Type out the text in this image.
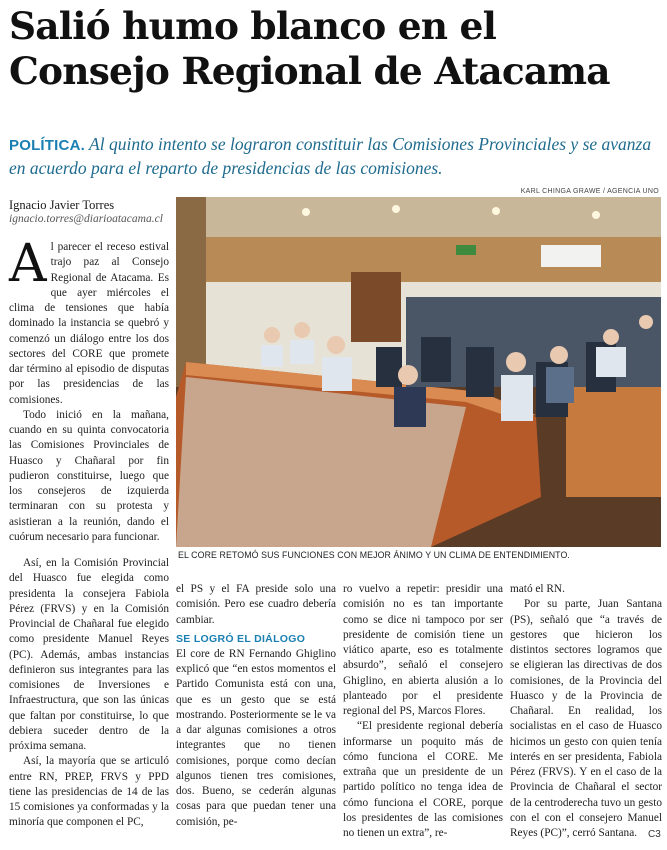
Salió humo blanco en el Consejo Regional de Atacama
POLÍTICA. Al quinto intento se lograron constituir las Comisiones Provinciales y se avanza en acuerdo para el reparto de presidencias de las comisiones.
Ignacio Javier Torres
ignacio.torres@diarioatacama.cl
KARL CHINGA GRAWE / AGENCIA UNO
EL CORE RETOMÓ SUS FUNCIONES CON MEJOR ÁNIMO Y UN CLIMA DE ENTENDIMIENTO.

Al parecer el receso estival trajo paz al Consejo Regional de Atacama. Es que ayer miércoles el clima de tensiones que había dominado la instancia se quebró y comenzó un diálogo entre los dos sectores del CORE que promete dar término al episodio de disputas por las presidencias de las comisiones.

Todo inició en la mañana, cuando en su quinta convocatoria las Comisiones Provinciales de Huasco y Chañaral por fin pudieron constituirse, luego que los consejeros de izquierda terminaran con su protesta y asistieran a la reunión, dando el cuórum necesario para funcionar.

Así, en la Comisión Provincial del Huasco fue elegida como presidenta la consejera Fabiola Pérez (FRVS) y en la Comisión Provincial de Chañaral fue elegido como presidente Manuel Reyes (PC). Además, ambas instancias definieron sus integrantes para las comisiones de Inversiones e Infraestructura, que son las únicas que faltan por constituirse, lo que debiera suceder dentro de la próxima semana.

Así, la mayoría que se articuló entre RN, PREP, FRVS y PPD tiene las presidencias de 14 de las 15 comisiones ya conformadas y la minoría que componen el PC,

el PS y el FA preside solo una comisión. Pero ese cuadro debería cambiar.

SE LOGRÓ EL DIÁLOGO

El core de RN Fernando Ghiglino explicó que “en estos momentos el Partido Comunista está con una, que es un gesto que se está mostrando. Posteriormente se le va a dar algunas comisiones a otros integrantes que no tienen comisiones, porque como decían algunos tienen tres comisiones, dos. Bueno, se cederán algunas cosas para que puedan tener una comisión, pe-

ro vuelvo a repetir: presidir una comisión no es tan importante como se dice ni tampoco por ser presidente de comisión tiene un viático aparte, eso es totalmente absurdo”, señaló el consejero Ghiglino, en abierta alusión a lo planteado por el presidente regional del PS, Marcos Flores.

“El presidente regional debería informarse un poquito más de cómo funciona el CORE. Me extraña que un presidente de un partido político no tenga idea de cómo funciona el CORE, porque los presidentes de las comisiones no tienen un extra”, re-

mató el RN.

Por su parte, Juan Santana (PS), señaló que “a través de gestores que hicieron los distintos sectores logramos que se eligieran las directivas de dos comisiones, de la Provincia del Huasco y de la Provincia de Chañaral. En realidad, los socialistas en el caso de Huasco hicimos un gesto con quien tenía interés en ser presidenta, Fabiola Pérez (FRVS). Y en el caso de la Provincia de Chañaral el sector de la centroderecha tuvo un gesto con el con el consejero Manuel Reyes (PC)”, cerró Santana.	C3
